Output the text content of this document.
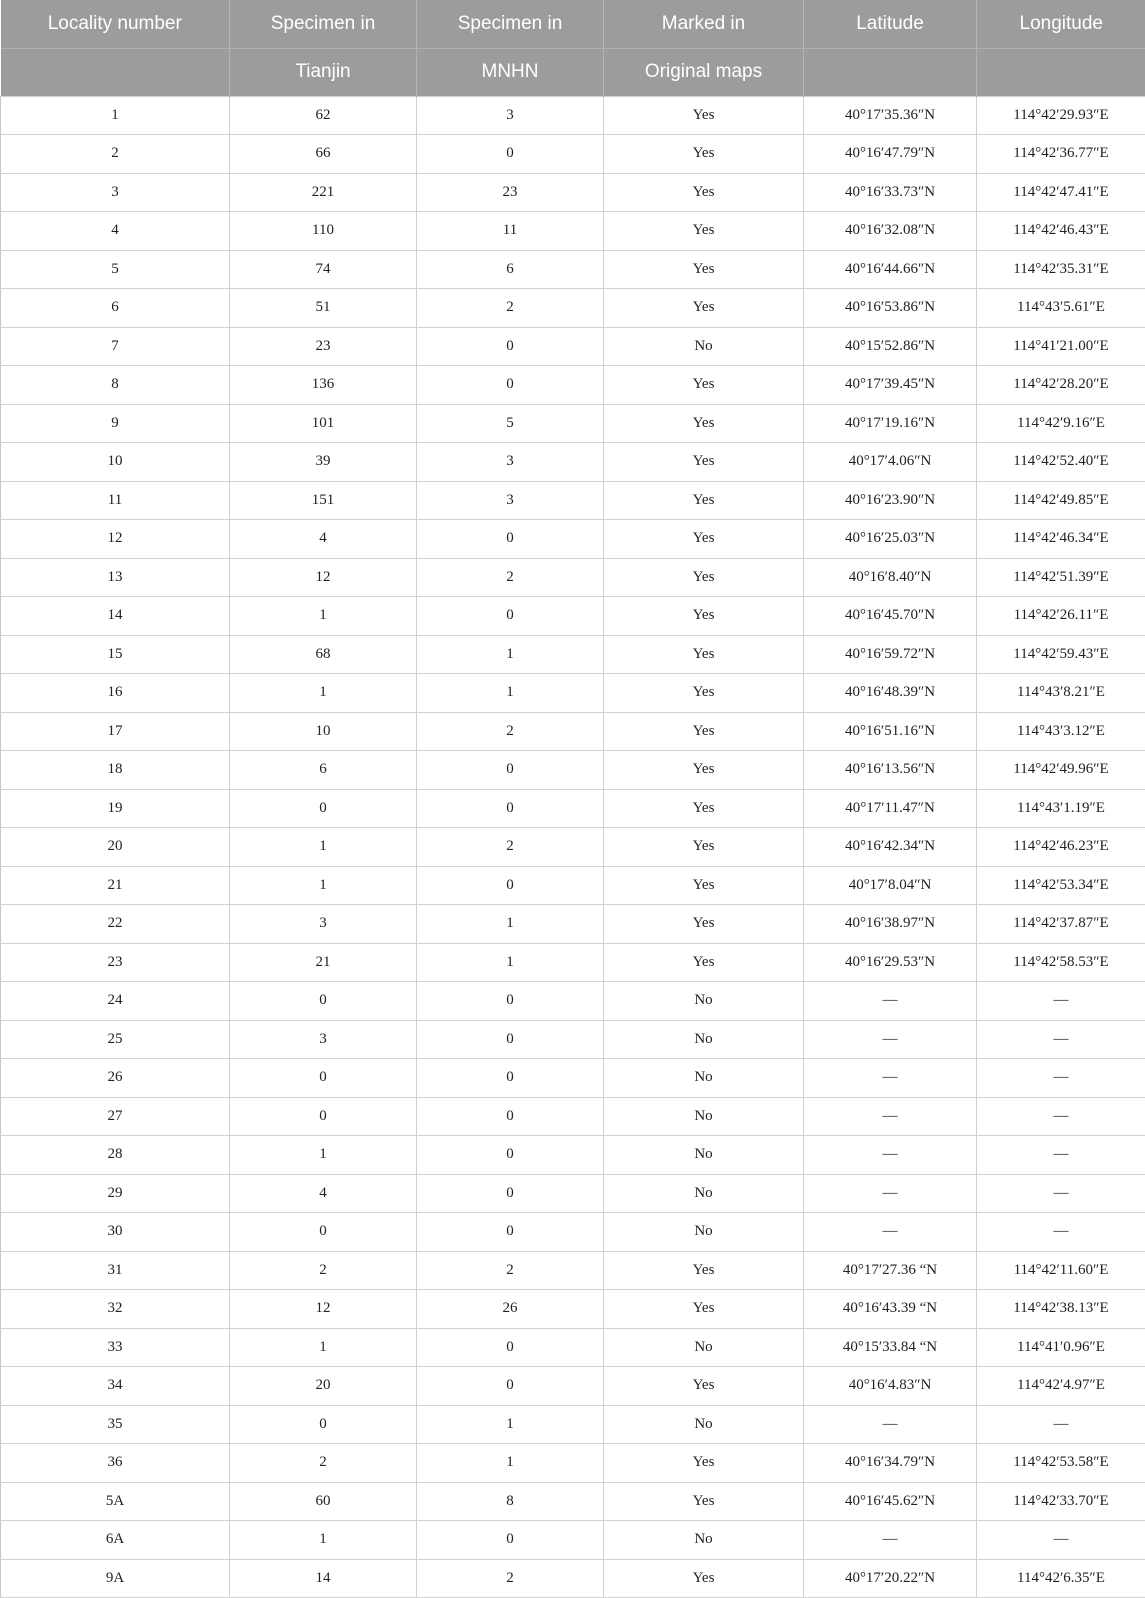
Locality number	Specimen in	Specimen in	Marked in	Latitude	Longitude
	Tianjin	MNHN	Original maps		
1	62	3	Yes	40°17′35.36″N	114°42′29.93″E
2	66	0	Yes	40°16′47.79″N	114°42′36.77″E
3	221	23	Yes	40°16′33.73″N	114°42′47.41″E
4	110	11	Yes	40°16′32.08″N	114°42′46.43″E
5	74	6	Yes	40°16′44.66″N	114°42′35.31″E
6	51	2	Yes	40°16′53.86″N	114°43′5.61″E
7	23	0	No	40°15′52.86″N	114°41′21.00″E
8	136	0	Yes	40°17′39.45″N	114°42′28.20″E
9	101	5	Yes	40°17′19.16″N	114°42′9.16″E
10	39	3	Yes	40°17′4.06″N	114°42′52.40″E
11	151	3	Yes	40°16′23.90″N	114°42′49.85″E
12	4	0	Yes	40°16′25.03″N	114°42′46.34″E
13	12	2	Yes	40°16′8.40″N	114°42′51.39″E
14	1	0	Yes	40°16′45.70″N	114°42′26.11″E
15	68	1	Yes	40°16′59.72″N	114°42′59.43″E
16	1	1	Yes	40°16′48.39″N	114°43′8.21″E
17	10	2	Yes	40°16′51.16″N	114°43′3.12″E
18	6	0	Yes	40°16′13.56″N	114°42′49.96″E
19	0	0	Yes	40°17′11.47″N	114°43′1.19″E
20	1	2	Yes	40°16′42.34″N	114°42′46.23″E
21	1	0	Yes	40°17′8.04″N	114°42′53.34″E
22	3	1	Yes	40°16′38.97″N	114°42′37.87″E
23	21	1	Yes	40°16′29.53″N	114°42′58.53″E
24	0	0	No	—	—
25	3	0	No	—	—
26	0	0	No	—	—
27	0	0	No	—	—
28	1	0	No	—	—
29	4	0	No	—	—
30	0	0	No	—	—
31	2	2	Yes	40°17′27.36 “N	114°42′11.60″E
32	12	26	Yes	40°16′43.39 “N	114°42′38.13″E
33	1	0	No	40°15′33.84 “N	114°41′0.96″E
34	20	0	Yes	40°16′4.83″N	114°42′4.97″E
35	0	1	No	—	—
36	2	1	Yes	40°16′34.79″N	114°42′53.58″E
5A	60	8	Yes	40°16′45.62″N	114°42′33.70″E
6A	1	0	No	—	—
9A	14	2	Yes	40°17′20.22″N	114°42′6.35″E
